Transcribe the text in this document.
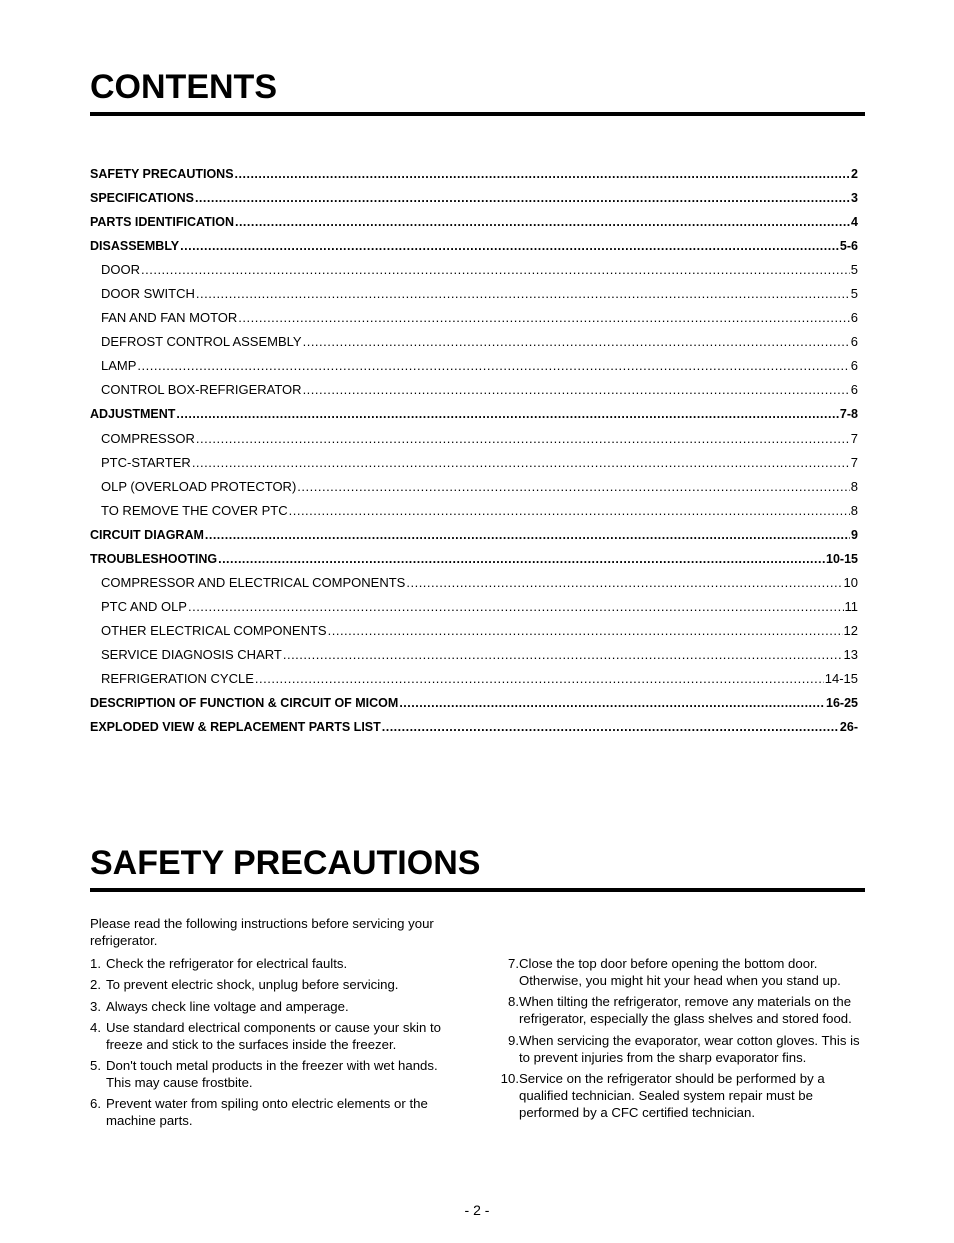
CONTENTS
SAFETY PRECAUTIONS .....	2
SPECIFICATIONS .....	3
PARTS IDENTIFICATION .....	4
DISASSEMBLY .....	5-6
DOOR .....	5
DOOR SWITCH .....	5
FAN AND FAN MOTOR .....	6
DEFROST CONTROL ASSEMBLY .....	6
LAMP .....	6
CONTROL BOX-REFRIGERATOR .....	6
ADJUSTMENT .....	7-8
COMPRESSOR .....	7
PTC-STARTER .....	7
OLP (OVERLOAD PROTECTOR) .....	8
TO REMOVE THE COVER PTC .....	8
CIRCUIT DIAGRAM .....	9
TROUBLESHOOTING .....	10-15
COMPRESSOR AND ELECTRICAL COMPONENTS .....	10
PTC AND OLP .....	11
OTHER ELECTRICAL COMPONENTS .....	12
SERVICE DIAGNOSIS CHART .....	13
REFRIGERATION CYCLE .....	14-15
DESCRIPTION OF FUNCTION & CIRCUIT OF MICOM .....	16-25
EXPLODED VIEW & REPLACEMENT PARTS LIST .....	26-
SAFETY PRECAUTIONS

Please read the following instructions before servicing your refrigerator.

1. Check the refrigerator for electrical faults.
2. To prevent electric shock, unplug before servicing.
3. Always check line voltage and amperage.
4. Use standard electrical components or cause your skin to freeze and stick to the surfaces inside the freezer.
5. Don't touch metal products in the freezer with wet hands. This may cause frostbite.
6. Prevent water from spiling onto electric elements or the machine parts.
7. Close the top door before opening the bottom door. Otherwise, you might hit your head when you stand up.
8. When tilting the refrigerator, remove any materials on the refrigerator, especially the glass shelves and stored food.
9. When servicing the evaporator, wear cotton gloves. This is to prevent injuries from the sharp evaporator fins.
10. Service on the refrigerator should be performed by a qualified technician. Sealed system repair must be performed by a CFC certified technician.
- 2 -
